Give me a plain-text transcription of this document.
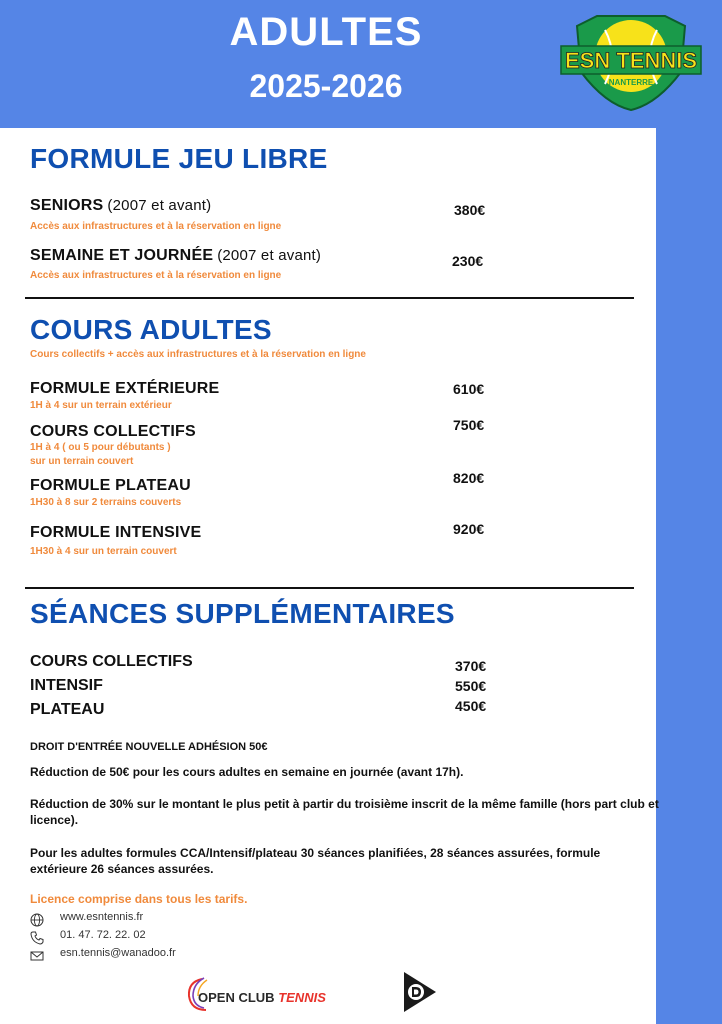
ADULTES
2025-2026
ESN TENNIS
NANTERRE
FORMULE JEU LIBRE
SENIORS (2007 et avant)
Accès aux infrastructures et à la réservation en ligne
380€
SEMAINE ET JOURNÉE (2007 et avant)
Accès aux infrastructures et à la réservation en ligne
230€
COURS ADULTES
Cours collectifs + accès aux infrastructures et à la réservation en ligne
FORMULE EXTÉRIEURE
1H à 4 sur un terrain extérieur
610€
COURS COLLECTIFS
1H à 4 ( ou 5 pour débutants )
sur un terrain couvert
750€
FORMULE PLATEAU
1H30 à 8 sur 2 terrains couverts
820€
FORMULE INTENSIVE
1H30 à 4 sur un terrain couvert
920€
SÉANCES SUPPLÉMENTAIRES
COURS COLLECTIFS	370€
INTENSIF	550€
PLATEAU	450€
DROIT D'ENTRÉE NOUVELLE ADHÉSION 50€
Réduction de 50€ pour les cours adultes en semaine en journée (avant 17h).
Réduction de 30% sur le montant le plus petit à partir du troisième inscrit de la même famille (hors part club et licence).
Pour les adultes formules CCA/Intensif/plateau 30 séances planifiées, 28 séances assurées, formule extérieure 26 séances assurées.
Licence comprise dans tous les tarifs.
www.esntennis.fr
01. 47. 72. 22. 02
esn.tennis@wanadoo.fr
OPEN CLUB TENNIS
